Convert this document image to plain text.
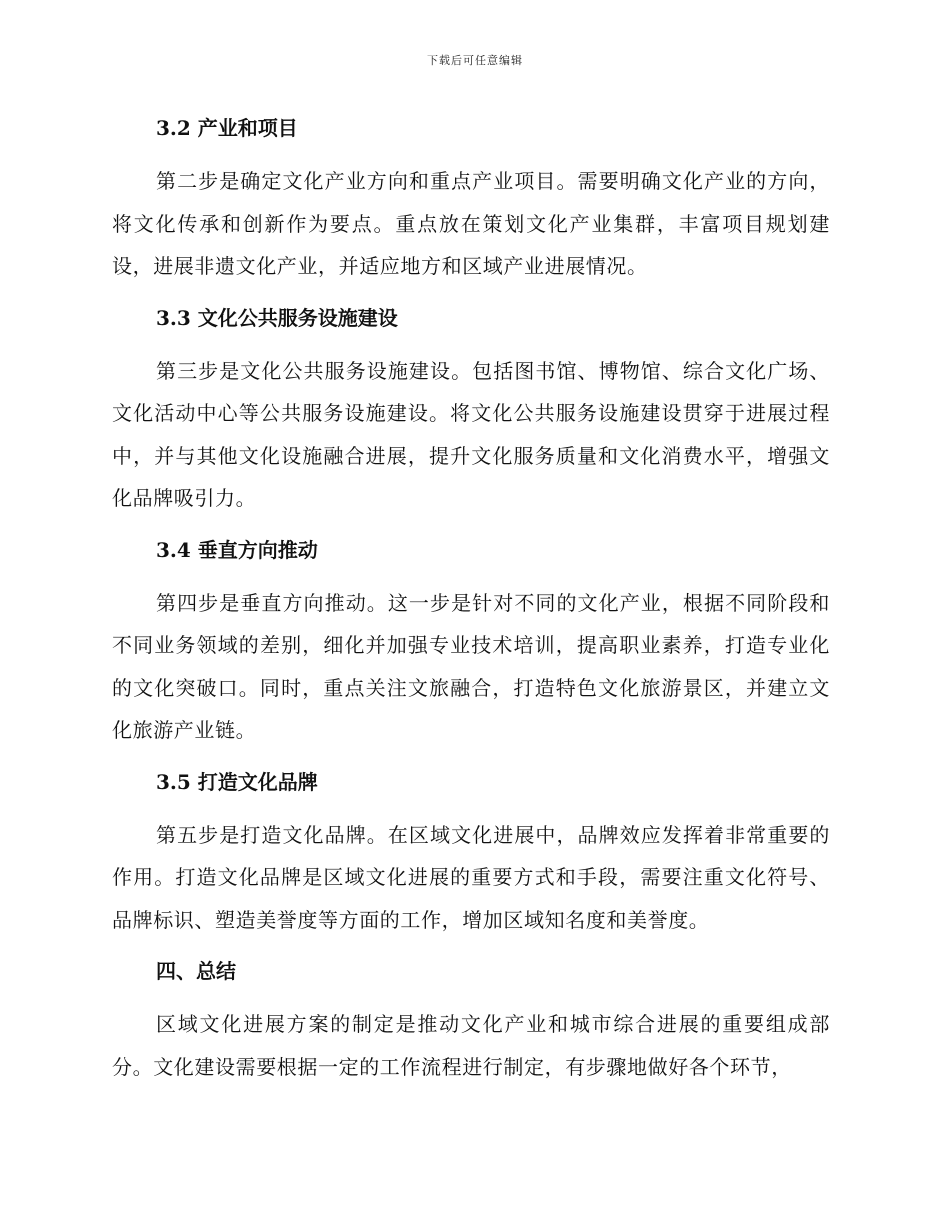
下载后可任意编辑
3.2 产业和项目

第二步是确定文化产业方向和重点产业项目。需要明确文化产业的方向，将文化传承和创新作为要点。重点放在策划文化产业集群，丰富项目规划建设，进展非遗文化产业，并适应地方和区域产业进展情况。

3.3 文化公共服务设施建设

第三步是文化公共服务设施建设。包括图书馆、博物馆、综合文化广场、文化活动中心等公共服务设施建设。将文化公共服务设施建设贯穿于进展过程中，并与其他文化设施融合进展，提升文化服务质量和文化消费水平，增强文化品牌吸引力。

3.4 垂直方向推动

第四步是垂直方向推动。这一步是针对不同的文化产业，根据不同阶段和不同业务领域的差别，细化并加强专业技术培训，提高职业素养，打造专业化的文化突破口。同时，重点关注文旅融合，打造特色文化旅游景区，并建立文化旅游产业链。

3.5 打造文化品牌

第五步是打造文化品牌。在区域文化进展中，品牌效应发挥着非常重要的作用。打造文化品牌是区域文化进展的重要方式和手段，需要注重文化符号、品牌标识、塑造美誉度等方面的工作，增加区域知名度和美誉度。

四、总结

区域文化进展方案的制定是推动文化产业和城市综合进展的重要组成部分。文化建设需要根据一定的工作流程进行制定，有步骤地做好各个环节，
